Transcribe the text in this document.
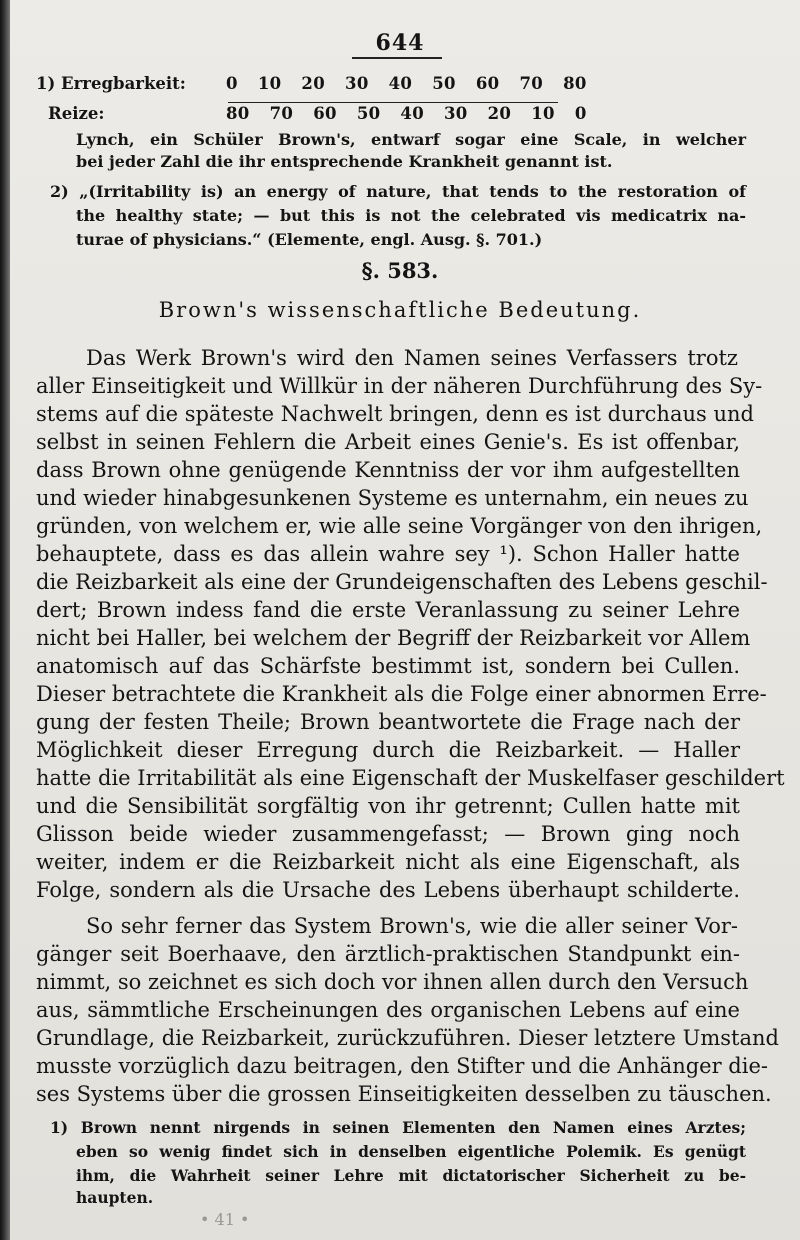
644
1) Erregbarkeit: 0 10 20 30 40 50 60 70 80
Reize:	80 70 60 50 40 30 20 10 0
Lynch, ein Schüler Brown's, entwarf sogar eine Scale, in welcher
bei jeder Zahl die ihr entsprechende Krankheit genannt ist.
2) „(Irritability is) an energy of nature, that tends to the restoration of
the healthy state; — but this is not the celebrated vis medicatrix na-
turae of physicians.“ (Elemente, engl. Ausg. §. 701.)
§. 583.
Brown's wissenschaftliche Bedeutung.
Das Werk Brown's wird den Namen seines Verfassers trotz
aller Einseitigkeit und Willkür in der näheren Durchführung des Sy-
stems auf die späteste Nachwelt bringen, denn es ist durchaus und
selbst in seinen Fehlern die Arbeit eines Genie's. Es ist offenbar,
dass Brown ohne genügende Kenntniss der vor ihm aufgestellten
und wieder hinabgesunkenen Systeme es unternahm, ein neues zu
gründen, von welchem er, wie alle seine Vorgänger von den ihrigen,
behauptete, dass es das allein wahre sey ¹). Schon Haller hatte
die Reizbarkeit als eine der Grundeigenschaften des Lebens geschil-
dert; Brown indess fand die erste Veranlassung zu seiner Lehre
nicht bei Haller, bei welchem der Begriff der Reizbarkeit vor Allem
anatomisch auf das Schärfste bestimmt ist, sondern bei Cullen.
Dieser betrachtete die Krankheit als die Folge einer abnormen Erre-
gung der festen Theile; Brown beantwortete die Frage nach der
Möglichkeit dieser Erregung durch die Reizbarkeit. — Haller
hatte die Irritabilität als eine Eigenschaft der Muskelfaser geschildert
und die Sensibilität sorgfältig von ihr getrennt; Cullen hatte mit
Glisson beide wieder zusammengefasst; — Brown ging noch
weiter, indem er die Reizbarkeit nicht als eine Eigenschaft, als
Folge, sondern als die Ursache des Lebens überhaupt schilderte.
So sehr ferner das System Brown's, wie die aller seiner Vor-
gänger seit Boerhaave, den ärztlich-praktischen Standpunkt ein-
nimmt, so zeichnet es sich doch vor ihnen allen durch den Versuch
aus, sämmtliche Erscheinungen des organischen Lebens auf eine
Grundlage, die Reizbarkeit, zurückzuführen. Dieser letztere Umstand
musste vorzüglich dazu beitragen, den Stifter und die Anhänger die-
ses Systems über die grossen Einseitigkeiten desselben zu täuschen.
1) Brown nennt nirgends in seinen Elementen den Namen eines Arztes;
eben so wenig findet sich in denselben eigentliche Polemik. Es genügt
ihm, die Wahrheit seiner Lehre mit dictatorischer Sicherheit zu be-
haupten.
• 41 •
